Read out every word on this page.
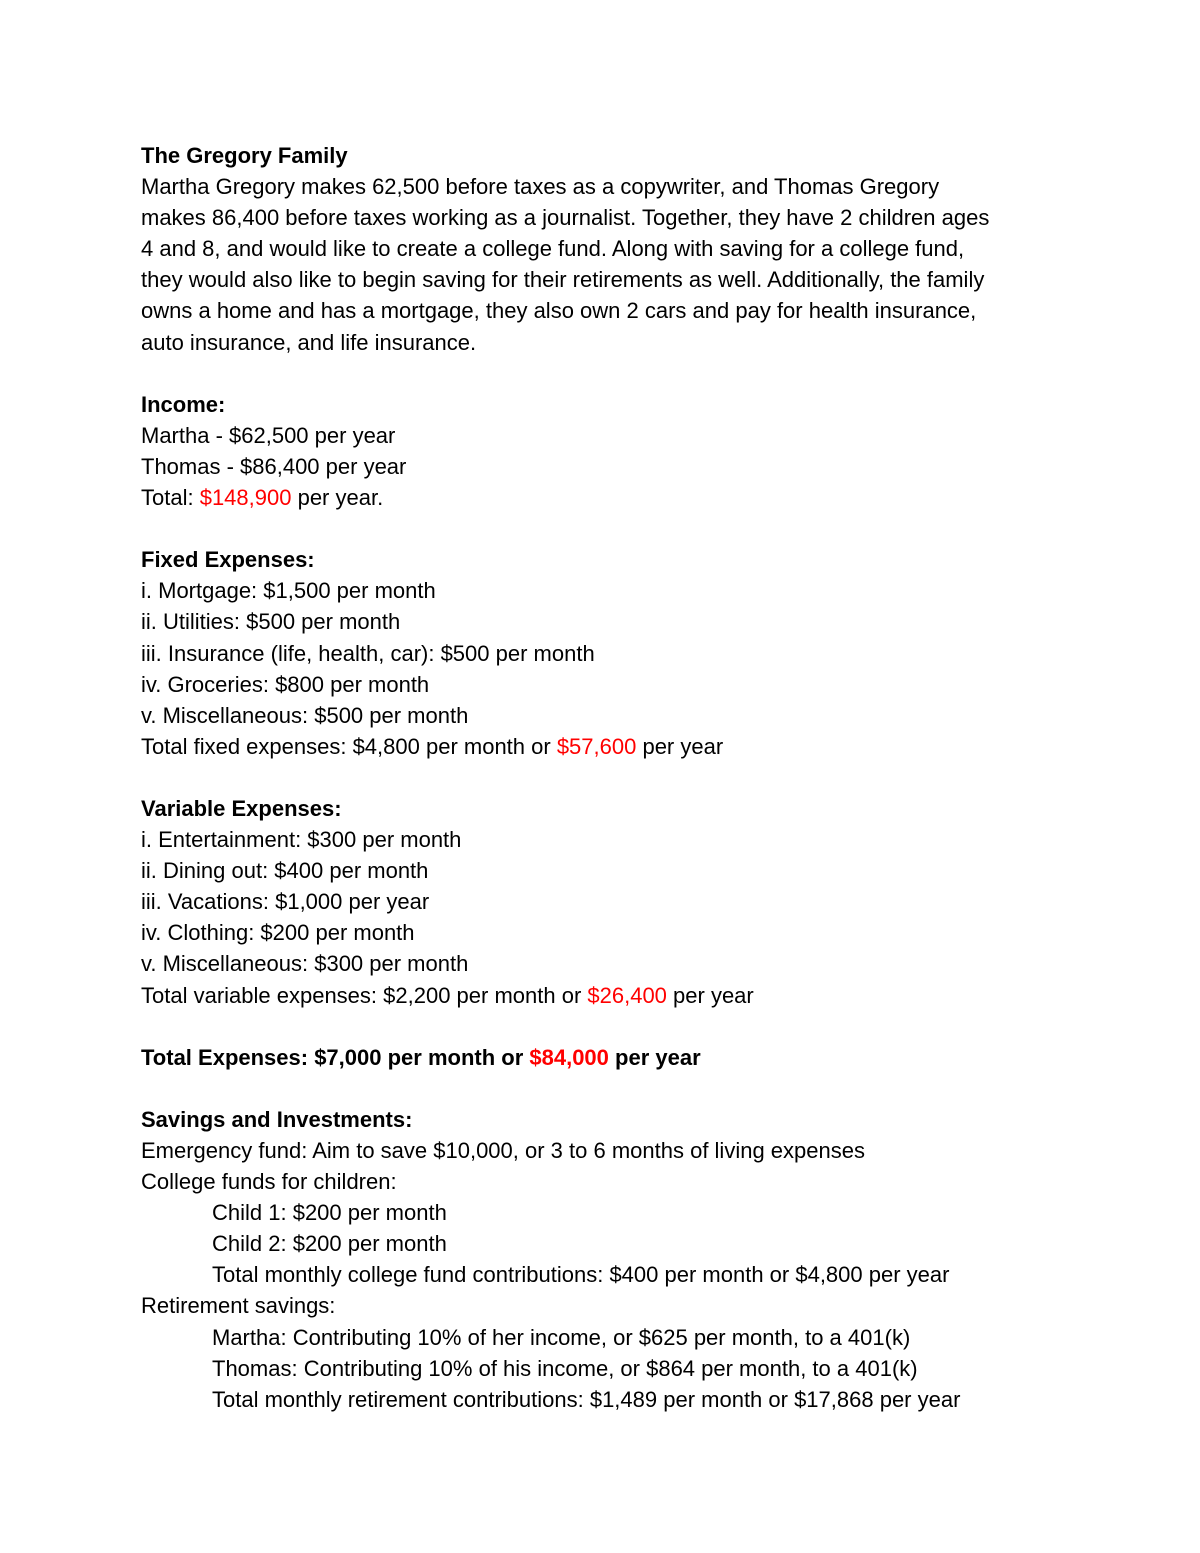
The Gregory Family
Martha Gregory makes 62,500 before taxes as a copywriter, and Thomas Gregory
makes 86,400 before taxes working as a journalist. Together, they have 2 children ages
4 and 8, and would like to create a college fund. Along with saving for a college fund,
they would also like to begin saving for their retirements as well. Additionally, the family
owns a home and has a mortgage, they also own 2 cars and pay for health insurance,
auto insurance, and life insurance.
Income:
Martha - $62,500 per year
Thomas - $86,400 per year
Total: $148,900 per year.
Fixed Expenses:
i. Mortgage: $1,500 per month
ii. Utilities: $500 per month
iii. Insurance (life, health, car): $500 per month
iv. Groceries: $800 per month
v. Miscellaneous: $500 per month
Total fixed expenses: $4,800 per month or $57,600 per year
Variable Expenses:
i. Entertainment: $300 per month
ii. Dining out: $400 per month
iii. Vacations: $1,000 per year
iv. Clothing: $200 per month
v. Miscellaneous: $300 per month
Total variable expenses: $2,200 per month or $26,400 per year
Total Expenses: $7,000 per month or $84,000 per year
Savings and Investments:
Emergency fund: Aim to save $10,000, or 3 to 6 months of living expenses
College funds for children:
Child 1: $200 per month
Child 2: $200 per month
Total monthly college fund contributions: $400 per month or $4,800 per year
Retirement savings:
Martha: Contributing 10% of her income, or $625 per month, to a 401(k)
Thomas: Contributing 10% of his income, or $864 per month, to a 401(k)
Total monthly retirement contributions: $1,489 per month or $17,868 per year
